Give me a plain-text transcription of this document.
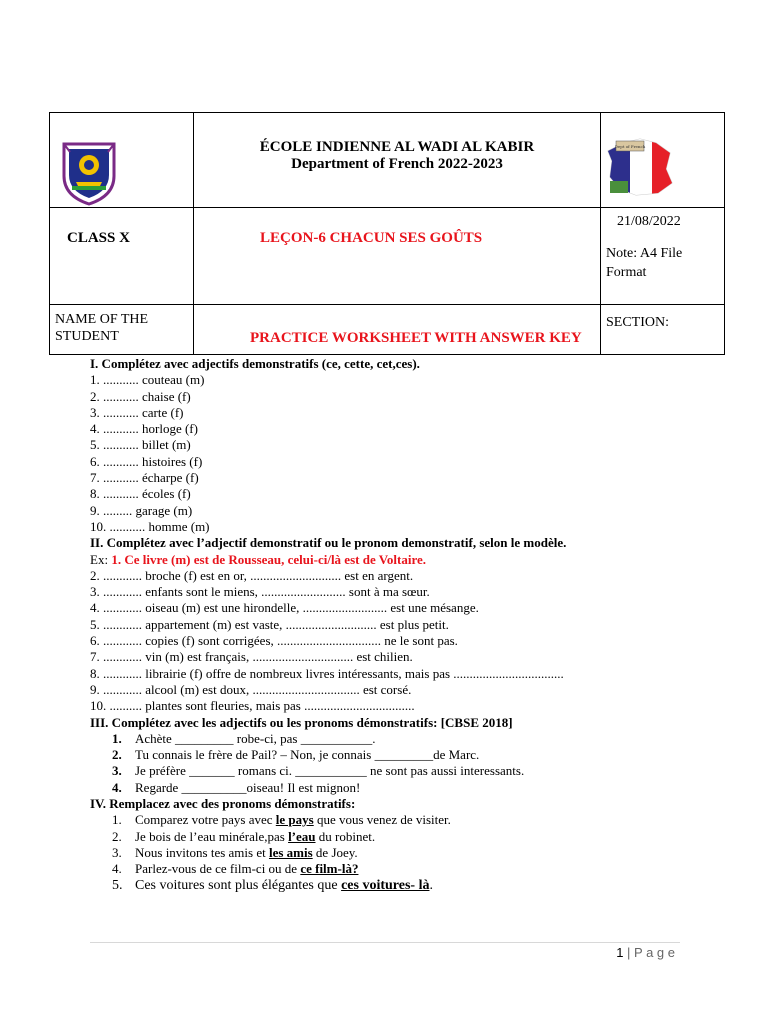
ÉCOLE INDIENNE AL WADI AL KABIR
Department of French 2022-2023	Dept of French

CLASS X	LEÇON-6 CHACUN SES GOÛTS	21/08/2022
Note: A4 File Format

NAME OF THE STUDENT	PRACTICE WORKSHEET WITH ANSWER KEY	SECTION:
I. Complétez avec adjectifs demonstratifs (ce, cette, cet,ces).
1. ........... couteau (m)
2. ........... chaise (f)
3. ........... carte (f)
4. ........... horloge (f)
5. ........... billet (m)
6. ........... histoires (f)
7. ........... écharpe (f)
8. ........... écoles (f)
9. ......... garage (m)
10. ........... homme (m)
II. Complétez avec l’adjectif demonstratif ou le pronom demonstratif, selon le modèle.
Ex: 1. Ce livre (m) est de Rousseau, celui-ci/là est de Voltaire.
2. ............ broche (f) est en or, ............................ est en argent.
3. ............ enfants sont le miens, .......................... sont à ma sœur.
4. ............ oiseau (m) est une hirondelle, .......................... est une mésange.
5. ............ appartement (m) est vaste, ............................ est plus petit.
6. ............ copies (f) sont corrigées, ................................ ne le sont pas.
7. ............ vin (m) est français, ............................... est chilien.
8. ............ librairie (f) offre de nombreux livres intéressants, mais pas ..................................
9. ............ alcool (m) est doux, ................................. est corsé.
10. .......... plantes sont fleuries, mais pas ..................................
III. Complétez avec les adjectifs ou les pronoms démonstratifs: [CBSE 2018]
1. Achète _________ robe-ci, pas ___________.
2. Tu connais le frère de Pail? – Non, je connais _________de Marc.
3. Je préfère _______ romans ci. ___________ ne sont pas aussi interessants.
4. Regarde __________oiseau! Il est mignon!
IV. Remplacez avec des pronoms démonstratifs:
1. Comparez votre pays avec le pays que vous venez de visiter.
2. Je bois de l’eau minérale,pas l’eau du robinet.
3. Nous invitons tes amis et les amis de Joey.
4. Parlez-vous de ce film-ci ou de ce film-là?
5. Ces voitures sont plus élégantes que ces voitures- là.
1 | P a g e
